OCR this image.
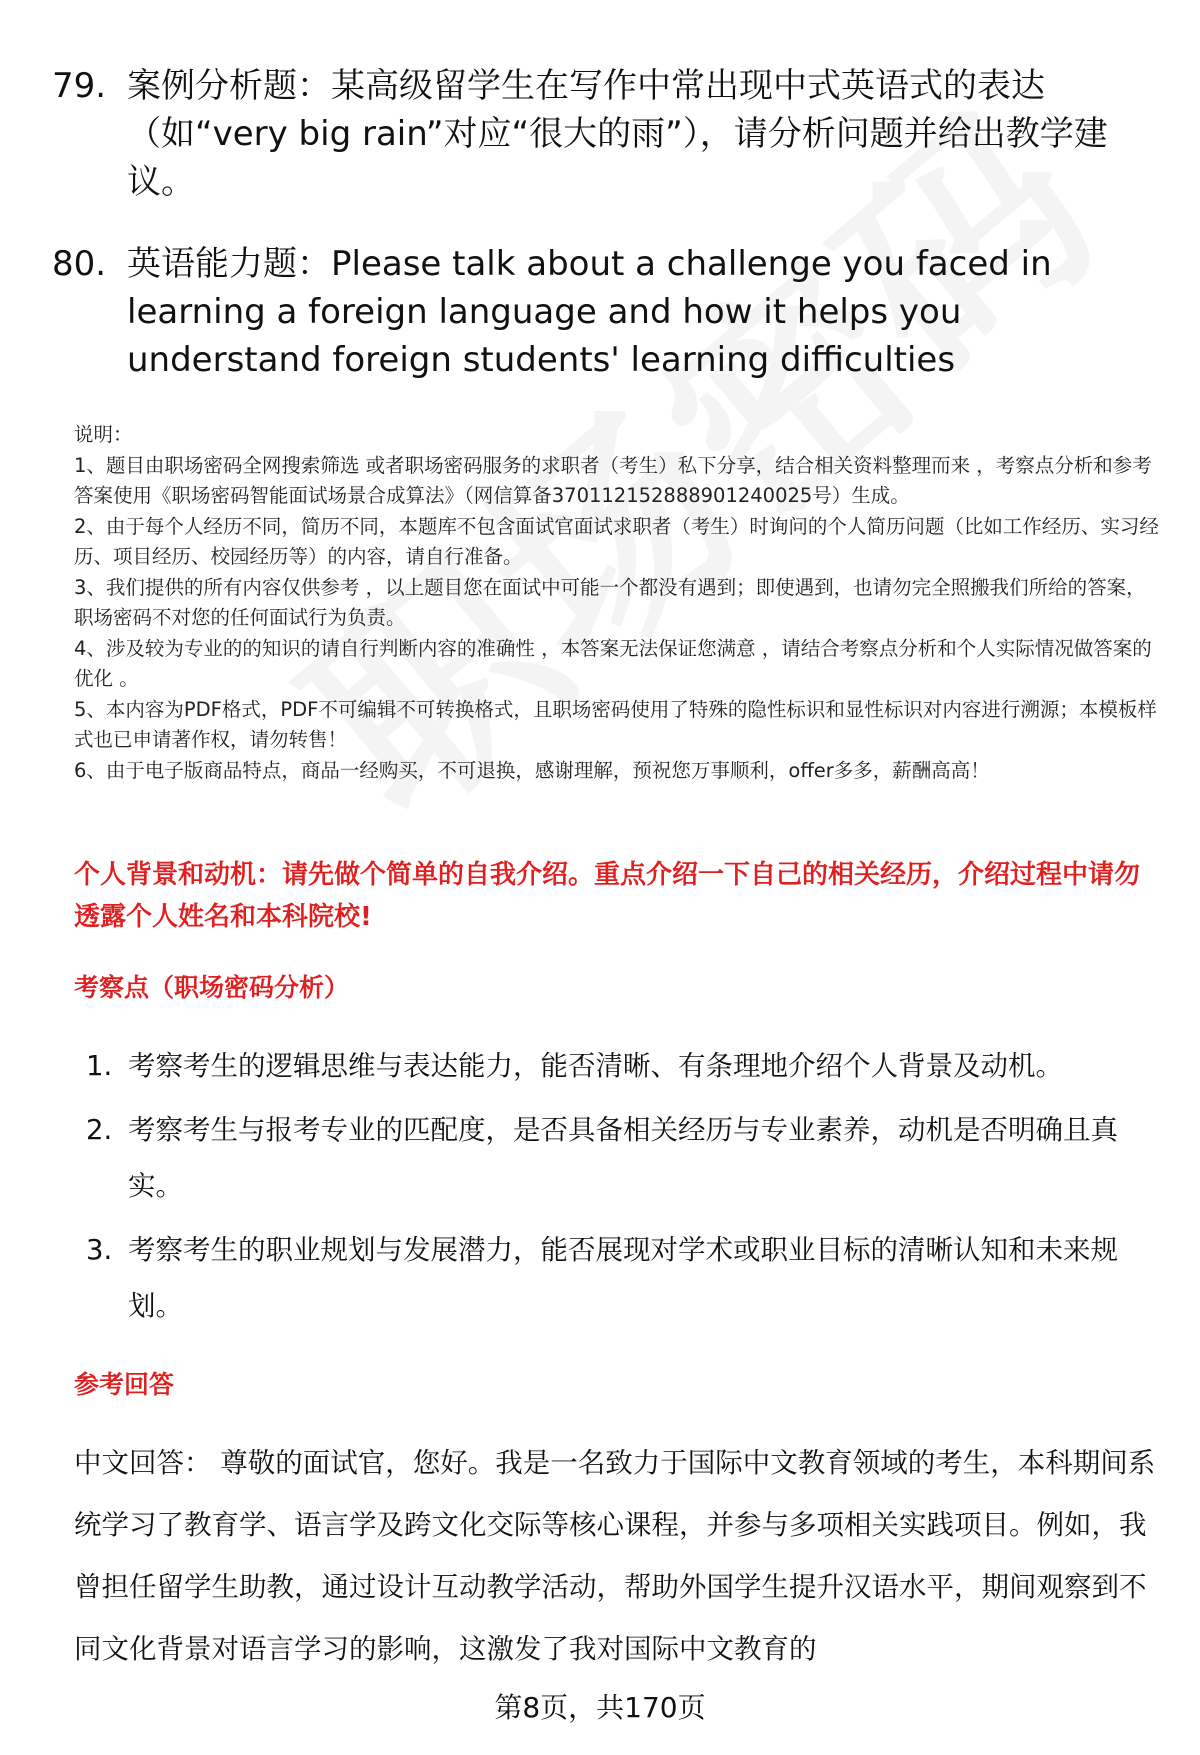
79. 案例分析题：某高级留学生在写作中常出现中式英语式的表达（如“very big rain”对应“很大的雨”），请分析问题并给出教学建议。
80. 英语能力题：Please talk about a challenge you faced in learning a foreign language and how it helps you understand foreign students' learning difficulties

说明：

1、题目由职场密码全网搜索筛选 或者职场密码服务的求职者（考生）私下分享，结合相关资料整理而来 ，考察点分析和参考答案使用《职场密码智能面试场景合成算法》（网信算备370112152888901240025号）生成。

2、由于每个人经历不同，简历不同，本题库不包含面试官面试求职者（考生）时询问的个人简历问题（比如工作经历、实习经历、项目经历、校园经历等）的内容，请自行准备。

3、我们提供的所有内容仅供参考 ，以上题目您在面试中可能一个都没有遇到；即使遇到，也请勿完全照搬我们所给的答案，职场密码不对您的任何面试行为负责。

4、涉及较为专业的的知识的请自行判断内容的准确性 ，本答案无法保证您满意 ，请结合考察点分析和个人实际情况做答案的优化 。

5、本内容为PDF格式，PDF不可编辑不可转换格式，且职场密码使用了特殊的隐性标识和显性标识对内容进行溯源；本模板样式也已申请著作权，请勿转售！

6、由于电子版商品特点，商品一经购买，不可退换，感谢理解，预祝您万事顺利，offer多多，薪酬高高！

个人背景和动机：请先做个简单的自我介绍。重点介绍一下自己的相关经历，介绍过程中请勿透露个人姓名和本科院校!
考察点（职场密码分析）
1. 考察考生的逻辑思维与表达能力，能否清晰、有条理地介绍个人背景及动机。
2. 考察考生与报考专业的匹配度，是否具备相关经历与专业素养，动机是否明确且真实。
3. 考察考生的职业规划与发展潜力，能否展现对学术或职业目标的清晰认知和未来规划。
参考回答

中文回答： 尊敬的面试官，您好。我是一名致力于国际中文教育领域的考生，本科期间系统学习了教育学、语言学及跨文化交际等核心课程，并参与多项相关实践项目。例如，我曾担任留学生助教，通过设计互动教学活动，帮助外国学生提升汉语水平，期间观察到不同文化背景对语言学习的影响，这激发了我对国际中文教育的

第8页，共170页
